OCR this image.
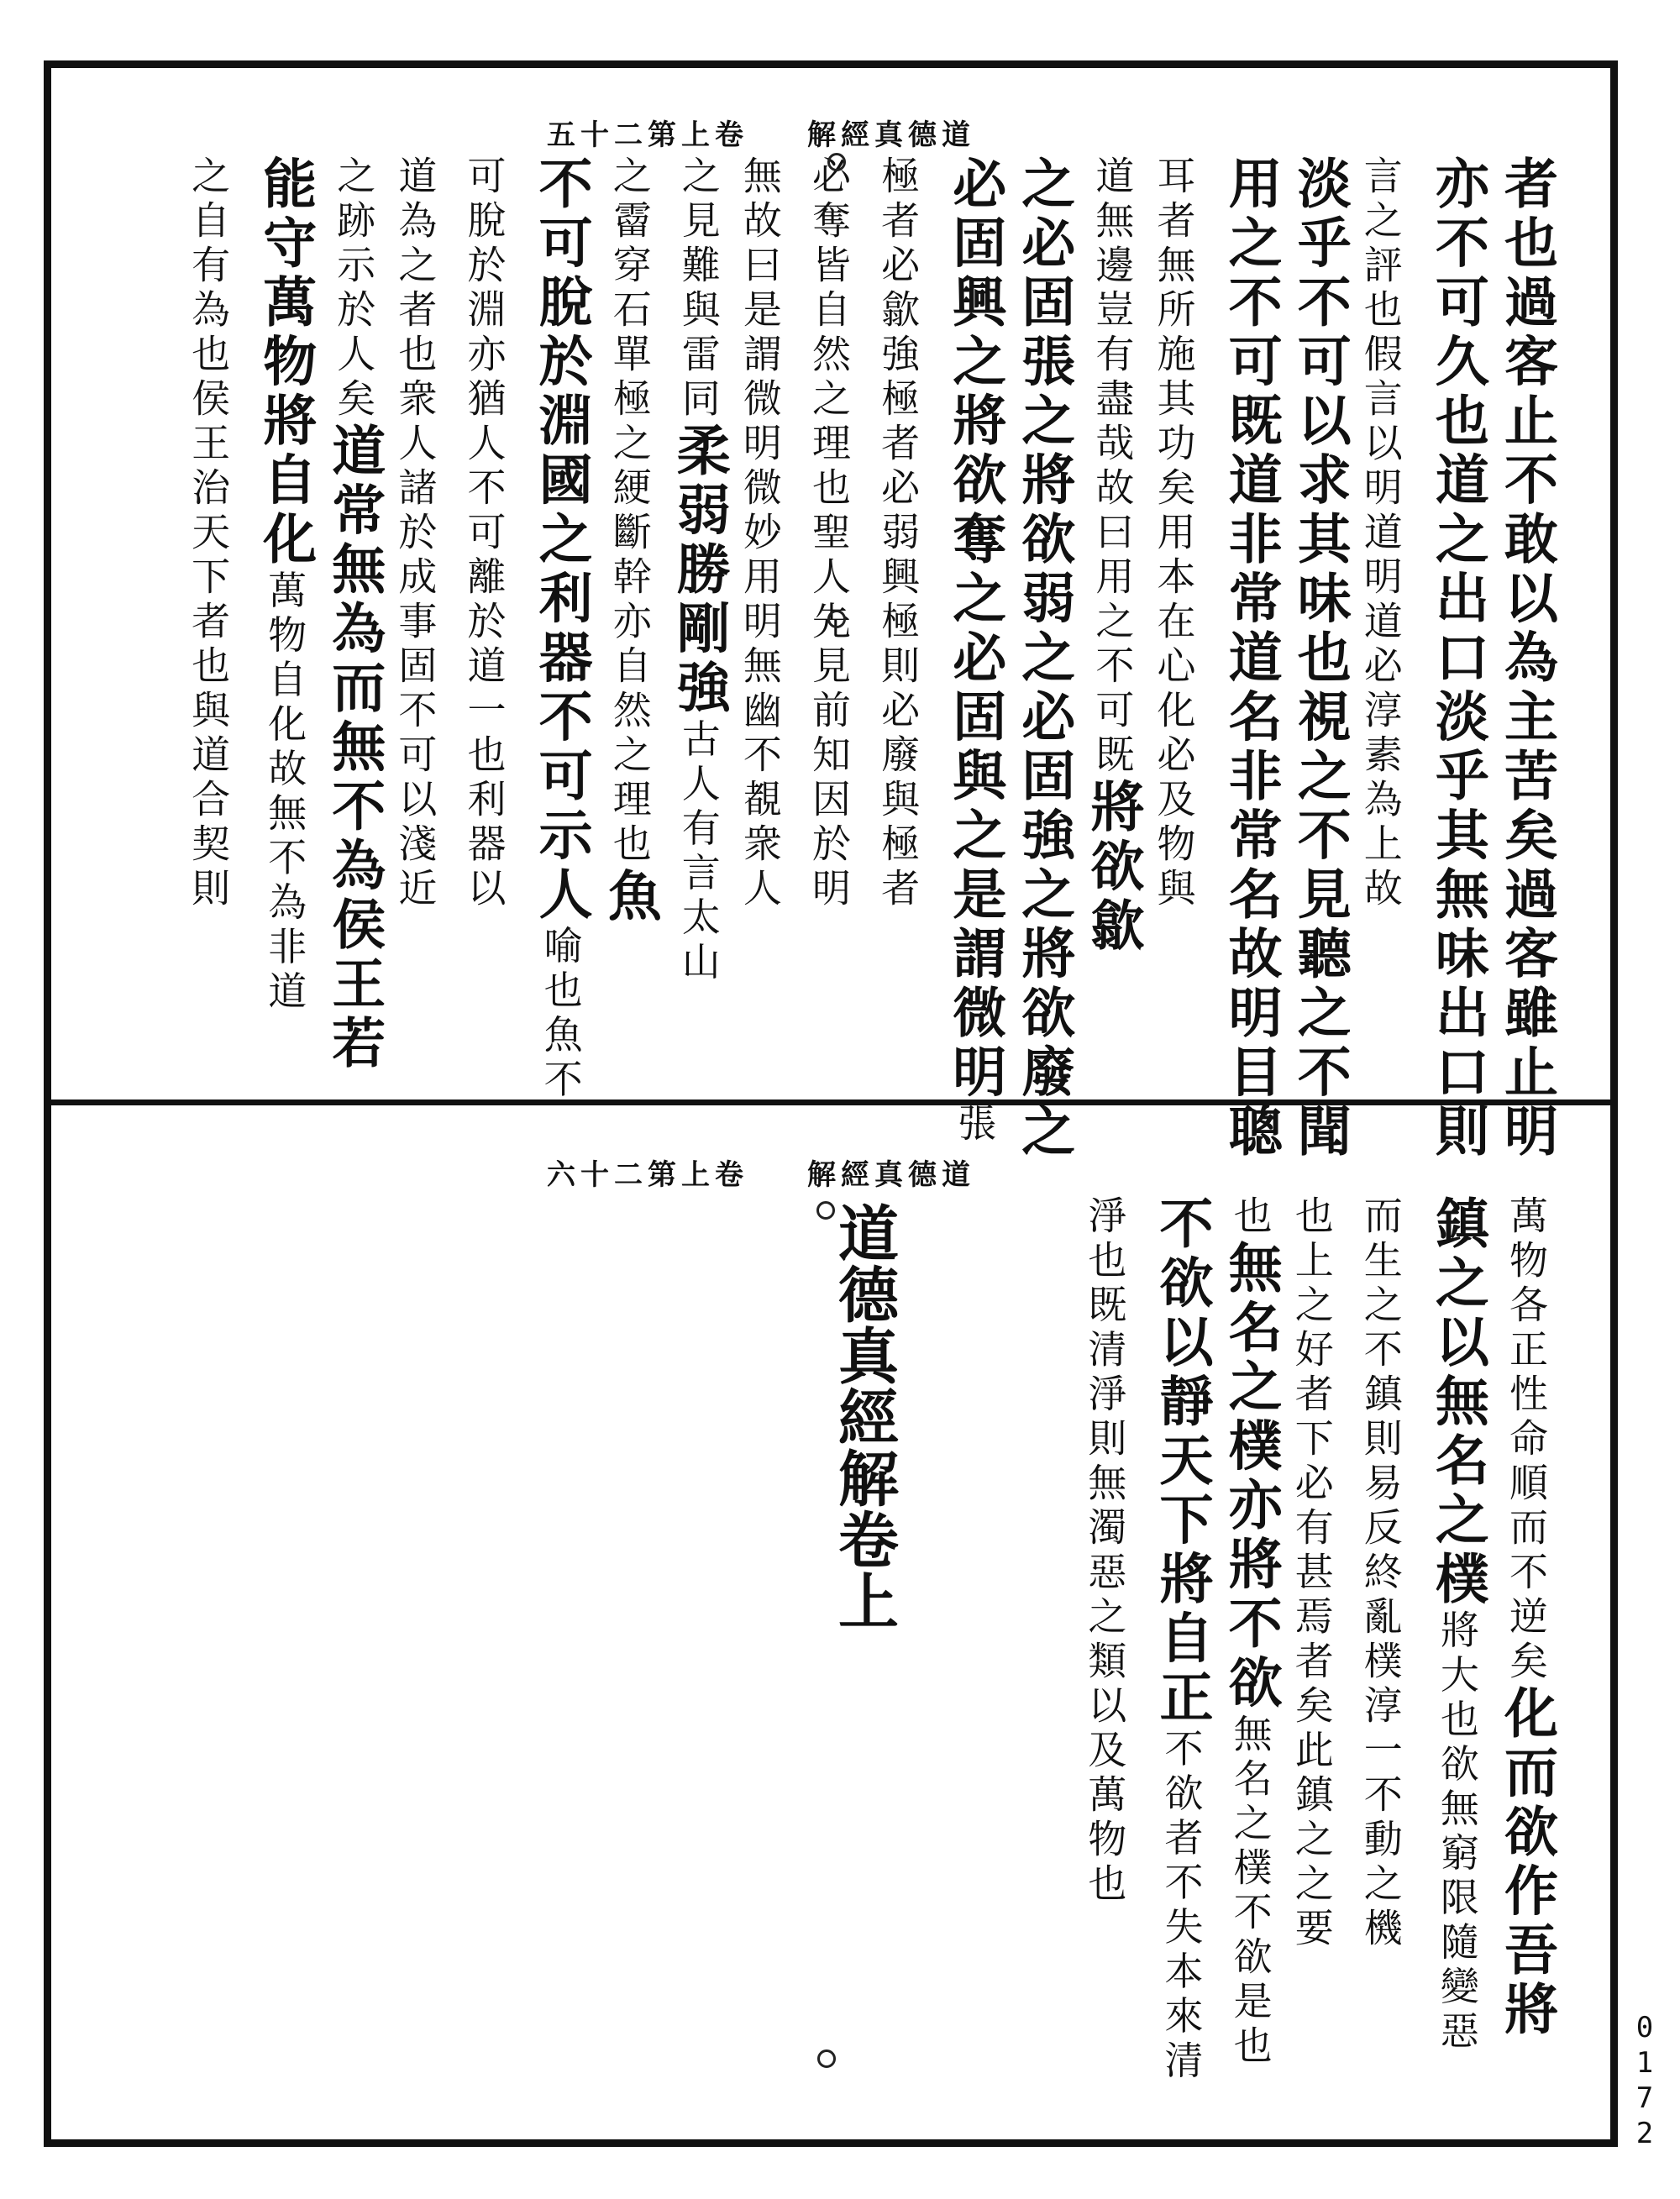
道德真經解卷上第二十五
者也過客止不敢以為主苦矣過客雖止明
亦不可久也道之出口淡乎其無味出口則
言之評也假言以明道明道必淳素為上故
淡乎不可以求其味也視之不見聽之不聞
用之不可既道非常道名非常名故明目聰
耳者無所施其功矣用本在心化必及物與
道無邊豈有盡哉故曰用之不可既將欲歙
之必固張之將欲弱之必固強之將欲廢之
必固興之將欲奪之必固與之是謂微明張
極者必歙強極者必弱興極則必廢與極者
必奪皆自然之理也聖人先見前知因於明
無故曰是謂微明微妙用明無幽不覩衆人
之見難與雷同柔弱勝剛強古人有言太山
之霤穿石單極之綆斷幹亦自然之理也魚
不可脫於淵國之利器不可示人喻也魚不
可脫於淵亦猶人不可離於道一也利器以
道為之者也衆人諸於成事固不可以淺近
之跡示於人矣道常無為而無不為侯王若
能守萬物將自化萬物自化故無不為非道
之自有為也侯王治天下者也與道合契則
道德真經解卷上第二十六
萬物各正性命順而不逆矣化而欲作吾將
鎮之以無名之樸將大也欲無窮限隨變惡
而生之不鎮則易反終亂樸淳一不動之機
也上之好者下必有甚焉者矣此鎮之之要
也無名之樸亦將不欲無名之樸不欲是也
不欲以靜天下將自正不欲者不失本來清
淨也既清淨則無濁惡之類以及萬物也
道德真經解卷上
0172
